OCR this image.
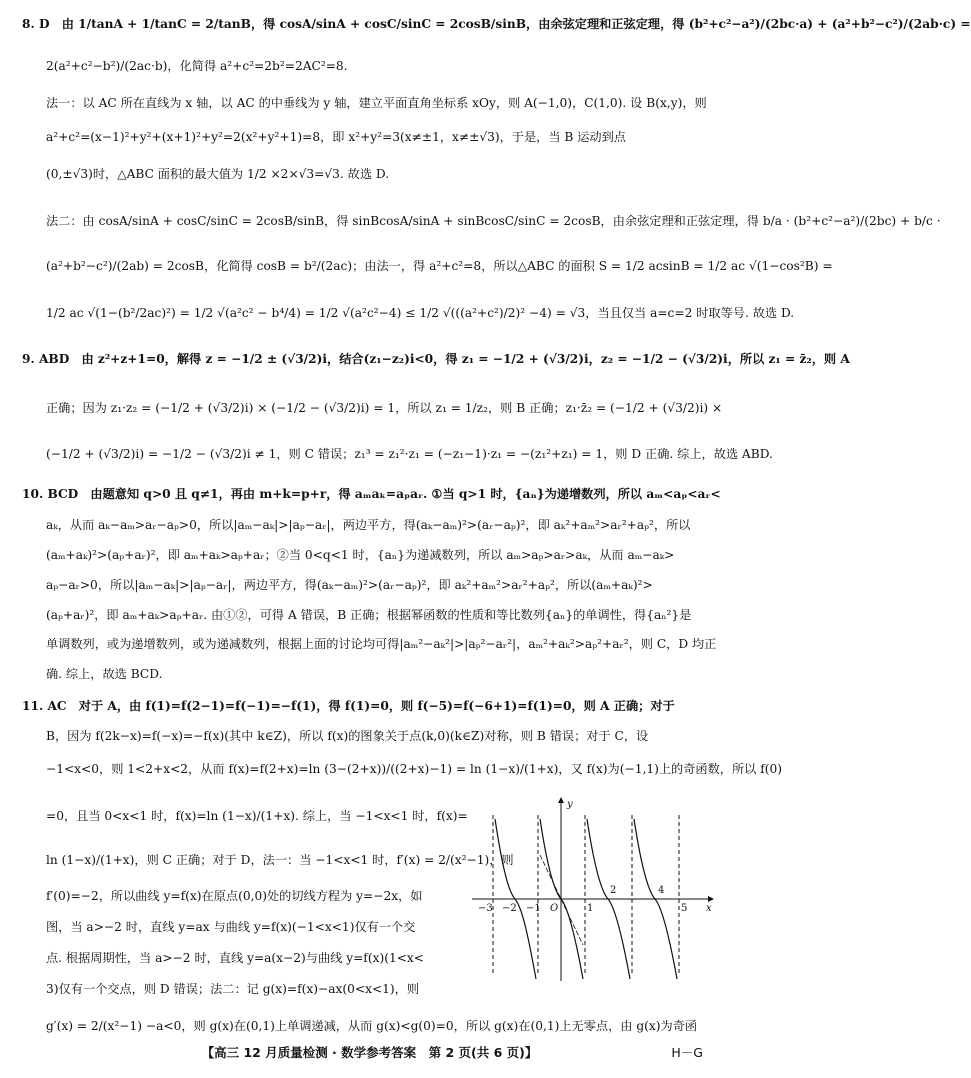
8. D　由 1/tanA + 1/tanC = 2/tanB，得 cosA/sinA + cosC/sinC = 2cosB/sinB，由余弦定理和正弦定理，得 (b²+c²−a²)/(2bc·a) + (a²+b²−c²)/(2ab·c) =
2(a²+c²−b²)/(2ac·b)，化简得 a²+c²=2b²=2AC²=8.
法一：以 AC 所在直线为 x 轴，以 AC 的中垂线为 y 轴，建立平面直角坐标系 xOy，则 A(−1,0)，C(1,0). 设 B(x,y)，则
a²+c²=(x−1)²+y²+(x+1)²+y²=2(x²+y²+1)=8，即 x²+y²=3(x≠±1，x≠±√3)，于是，当 B 运动到点
(0,±√3)时，△ABC 面积的最大值为 1/2 ×2×√3=√3. 故选 D.
法二：由 cosA/sinA + cosC/sinC = 2cosB/sinB，得 sinBcosA/sinA + sinBcosC/sinC = 2cosB，由余弦定理和正弦定理，得 b/a · (b²+c²−a²)/(2bc) + b/c ·
(a²+b²−c²)/(2ab) = 2cosB，化简得 cosB = b²/(2ac)；由法一，得 a²+c²=8，所以△ABC 的面积 S = 1/2 acsinB = 1/2 ac √(1−cos²B) =
1/2 ac √(1−(b²/2ac)²) = 1/2 √(a²c² − b⁴/4) = 1/2 √(a²c²−4) ≤ 1/2 √(((a²+c²)/2)² −4) = √3，当且仅当 a=c=2 时取等号. 故选 D.
9. ABD　由 z²+z+1=0，解得 z = −1/2 ± (√3/2)i，结合(z₁−z₂)i<0，得 z₁ = −1/2 + (√3/2)i，z₂ = −1/2 − (√3/2)i，所以 z₁ = z̄₂，则 A
正确；因为 z₁·z₂ = (−1/2 + (√3/2)i) × (−1/2 − (√3/2)i) = 1，所以 z₁ = 1/z₂，则 B 正确；z₁·z̄₂ = (−1/2 + (√3/2)i) ×
(−1/2 + (√3/2)i) = −1/2 − (√3/2)i ≠ 1，则 C 错误；z₁³ = z₁²·z₁ = (−z₁−1)·z₁ = −(z₁²+z₁) = 1，则 D 正确. 综上，故选 ABD.
10. BCD　由题意知 q>0 且 q≠1，再由 m+k=p+r，得 aₘaₖ=aₚaᵣ. ①当 q>1 时，{aₙ}为递增数列，所以 aₘ<aₚ<aᵣ<
aₖ，从而 aₖ−aₘ>aᵣ−aₚ>0，所以|aₘ−aₖ|>|aₚ−aᵣ|，两边平方，得(aₖ−aₘ)²>(aᵣ−aₚ)²，即 aₖ²+aₘ²>aᵣ²+aₚ²，所以
(aₘ+aₖ)²>(aₚ+aᵣ)²，即 aₘ+aₖ>aₚ+aᵣ；②当 0<q<1 时，{aₙ}为递减数列，所以 aₘ>aₚ>aᵣ>aₖ，从而 aₘ−aₖ>
aₚ−aᵣ>0，所以|aₘ−aₖ|>|aₚ−aᵣ|，两边平方，得(aₖ−aₘ)²>(aᵣ−aₚ)²，即 aₖ²+aₘ²>aᵣ²+aₚ²，所以(aₘ+aₖ)²>
(aₚ+aᵣ)²，即 aₘ+aₖ>aₚ+aᵣ. 由①②，可得 A 错误，B 正确；根据幂函数的性质和等比数列{aₙ}的单调性，得{aₙ²}是
单调数列，或为递增数列，或为递减数列，根据上面的讨论均可得|aₘ²−aₖ²|>|aₚ²−aᵣ²|，aₘ²+aₖ²>aₚ²+aᵣ²，则 C，D 均正
确. 综上，故选 BCD.
11. AC　对于 A，由 f(1)=f(2−1)=f(−1)=−f(1)，得 f(1)=0，则 f(−5)=f(−6+1)=f(1)=0，则 A 正确；对于
B，因为 f(2k−x)=f(−x)=−f(x)(其中 k∈Z)，所以 f(x)的图象关于点(k,0)(k∈Z)对称，则 B 错误；对于 C，设
−1<x<0，则 1<2+x<2，从而 f(x)=f(2+x)=ln (3−(2+x))/((2+x)−1) = ln (1−x)/(1+x)，又 f(x)为(−1,1)上的奇函数，所以 f(0)
=0，且当 0<x<1 时，f(x)=ln (1−x)/(1+x). 综上，当 −1<x<1 时，f(x)=
ln (1−x)/(1+x)，则 C 正确；对于 D，法一：当 −1<x<1 时，f′(x) = 2/(x²−1)，则
f′(0)=−2，所以曲线 y=f(x)在原点(0,0)处的切线方程为 y=−2x，如
图，当 a>−2 时，直线 y=ax 与曲线 y=f(x)(−1<x<1)仅有一个交
点. 根据周期性，当 a>−2 时，直线 y=a(x−2)与曲线 y=f(x)(1<x<
3)仅有一个交点，则 D 错误；法二：记 g(x)=f(x)−ax(0<x<1)，则
g′(x) = 2/(x²−1) −a<0，则 g(x)在(0,1)上单调递减，从而 g(x)<g(0)=0，所以 g(x)在(0,1)上无零点，由 g(x)为奇函
y
x
O
−3 −2 −1	1
2	4
5
【高三 12 月质量检测 · 数学参考答案　第 2 页(共 6 页)】	H－G
